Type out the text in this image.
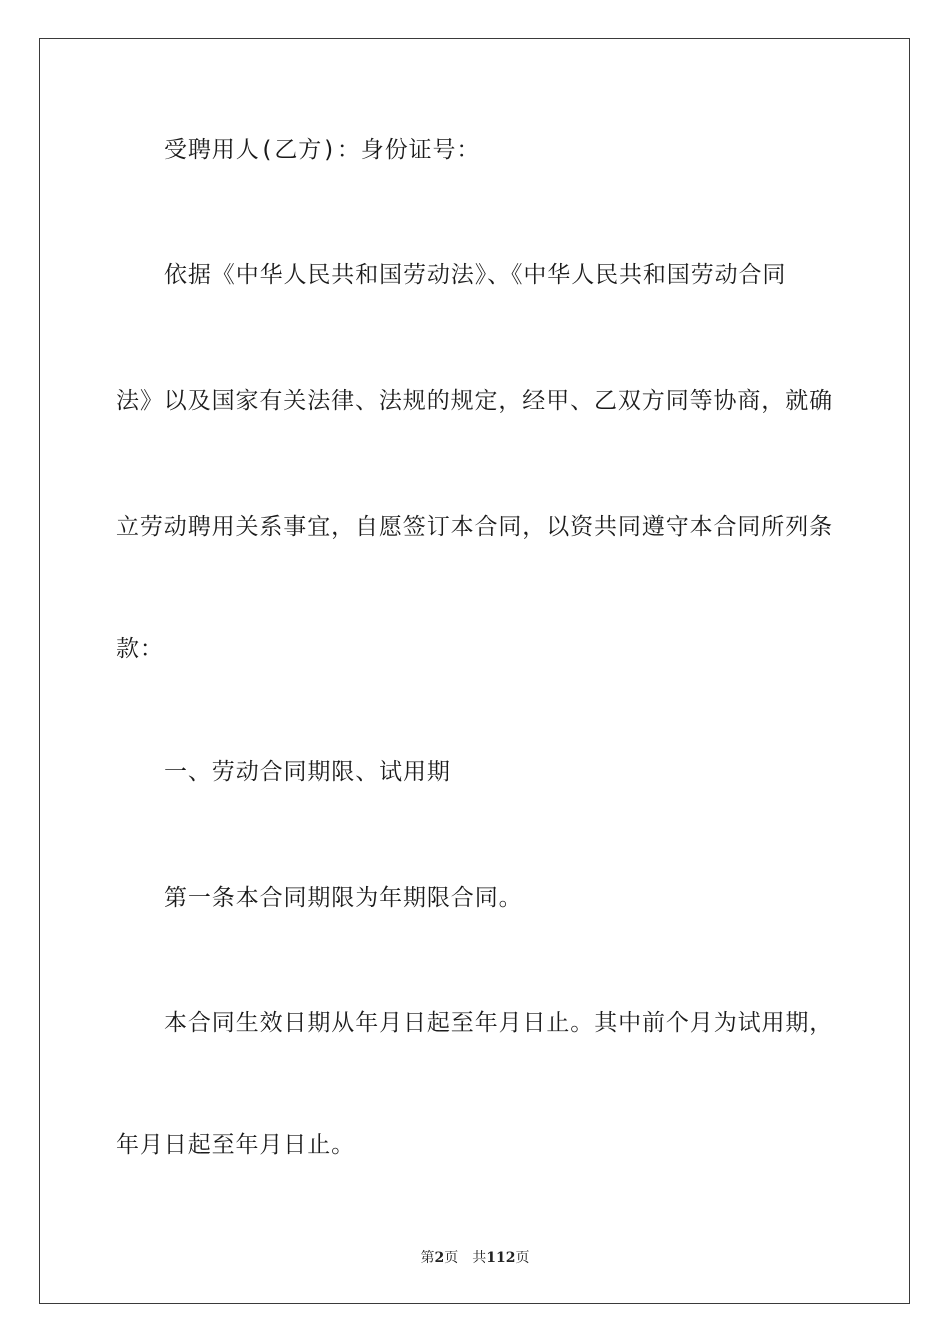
受聘用人(乙方)：身份证号：
依据《中华人民共和国劳动法》、《中华人民共和国劳动合同
法》以及国家有关法律、法规的规定，经甲、乙双方同等协商，就确
立劳动聘用关系事宜，自愿签订本合同，以资共同遵守本合同所列条
款：
一、劳动合同期限、试用期
第一条本合同期限为年期限合同。
本合同生效日期从年月日起至年月日止。其中前个月为试用期，
年月日起至年月日止。
第2页 共112页
